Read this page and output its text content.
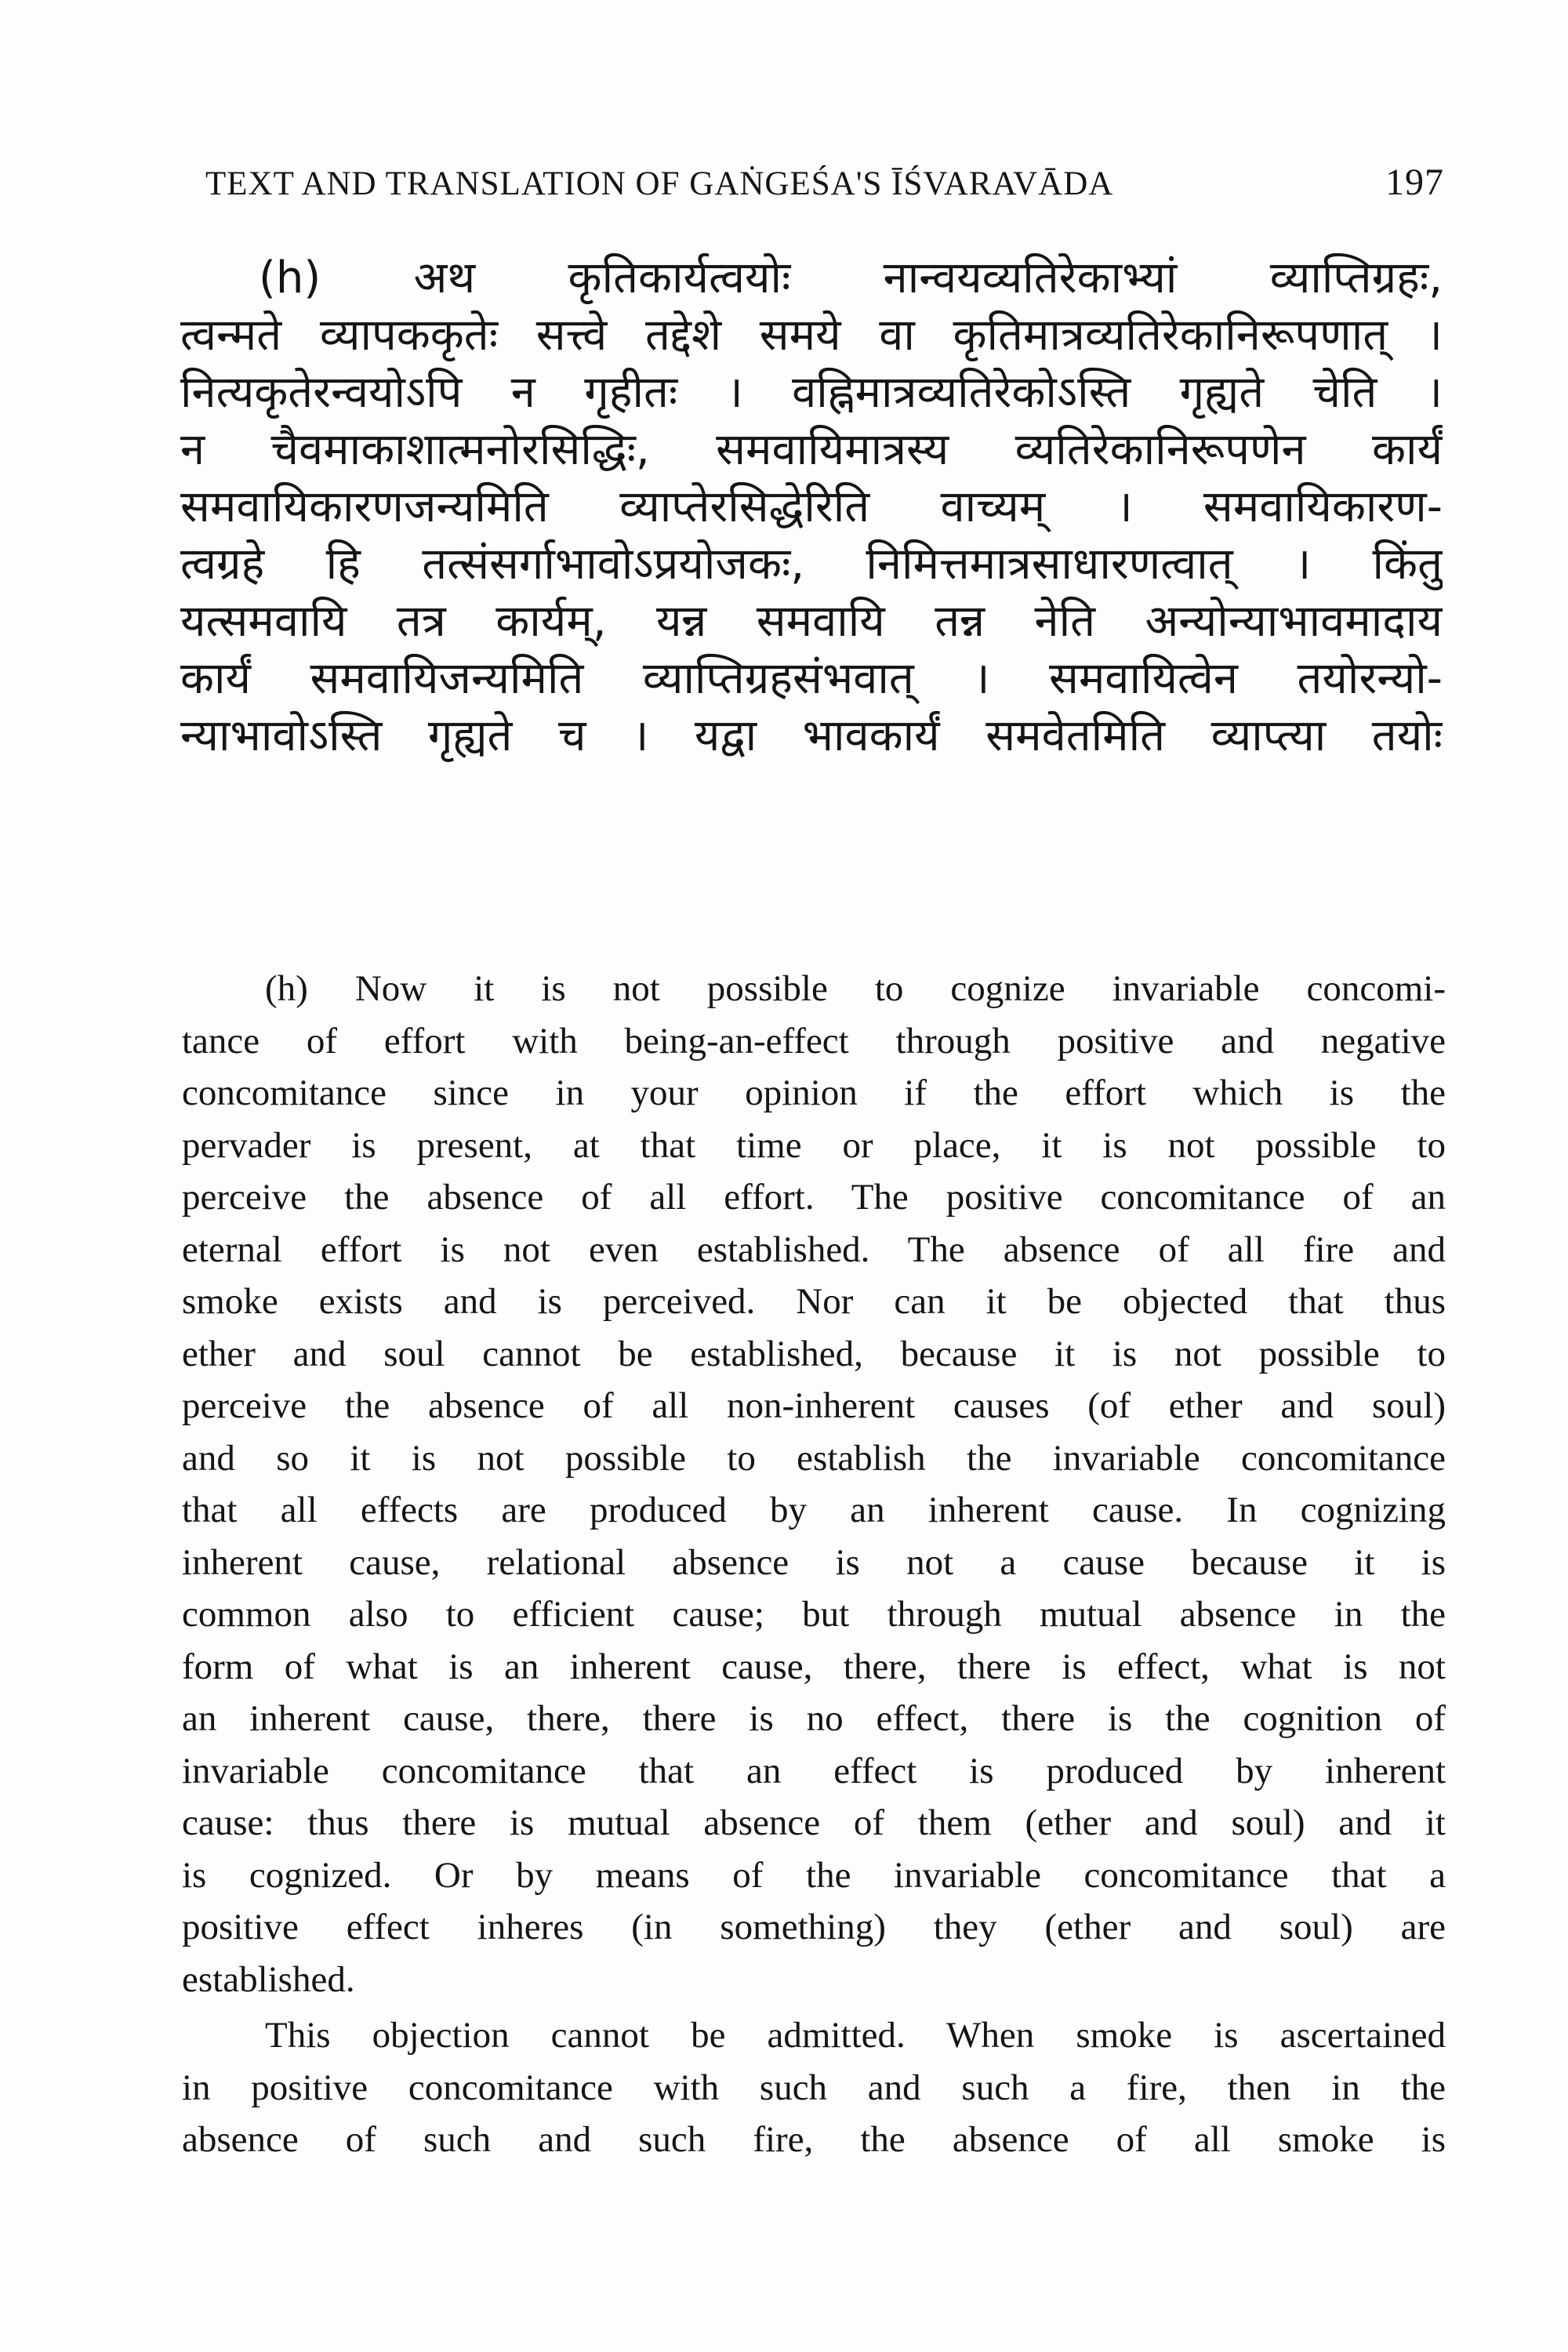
TEXT AND TRANSLATION OF GAṄGEŚA'S ĪŚVARAVĀDA	197
(h) अथ कृतिकार्यत्वयोः नान्वयव्यतिरेकाभ्यां व्याप्तिग्रहः,
त्वन्मते व्यापककृतेः सत्त्वे तद्देशे समये वा कृतिमात्रव्यतिरेकानिरूपणात् ।
नित्यकृतेरन्वयोऽपि न गृहीतः । वह्निमात्रव्यतिरेकोऽस्ति गृह्यते चेति ।
न चैवमाकाशात्मनोरसिद्धिः, समवायिमात्रस्य व्यतिरेकानिरूपणेन कार्यं
समवायिकारणजन्यमिति व्याप्तेरसिद्धेरिति वाच्यम् । समवायिकारण-
त्वग्रहे हि तत्संसर्गाभावोऽप्रयोजकः, निमित्तमात्रसाधारणत्वात् । किंतु
यत्समवायि तत्र कार्यम्, यन्न समवायि तन्न नेति अन्योन्याभावमादाय
कार्यं समवायिजन्यमिति व्याप्तिग्रहसंभवात् । समवायित्वेन तयोरन्यो-
न्याभावोऽस्ति गृह्यते च । यद्वा भावकार्यं समवेतमिति व्याप्त्या तयोः
(h) Now it is not possible to cognize invariable concomi-
tance of effort with being-an-effect through positive and negative
concomitance since in your opinion if the effort which is the
pervader is present, at that time or place, it is not possible to
perceive the absence of all effort. The positive concomitance of an
eternal effort is not even established. The absence of all fire and
smoke exists and is perceived. Nor can it be objected that thus
ether and soul cannot be established, because it is not possible to
perceive the absence of all non-inherent causes (of ether and soul)
and so it is not possible to establish the invariable concomitance
that all effects are produced by an inherent cause. In cognizing
inherent cause, relational absence is not a cause because it is
common also to efficient cause; but through mutual absence in the
form of what is an inherent cause, there, there is effect, what is not
an inherent cause, there, there is no effect, there is the cognition of
invariable concomitance that an effect is produced by inherent
cause: thus there is mutual absence of them (ether and soul) and it
is cognized. Or by means of the invariable concomitance that a
positive effect inheres (in something) they (ether and soul) are
established.
This objection cannot be admitted. When smoke is ascertained
in positive concomitance with such and such a fire, then in the
absence of such and such fire, the absence of all smoke is
